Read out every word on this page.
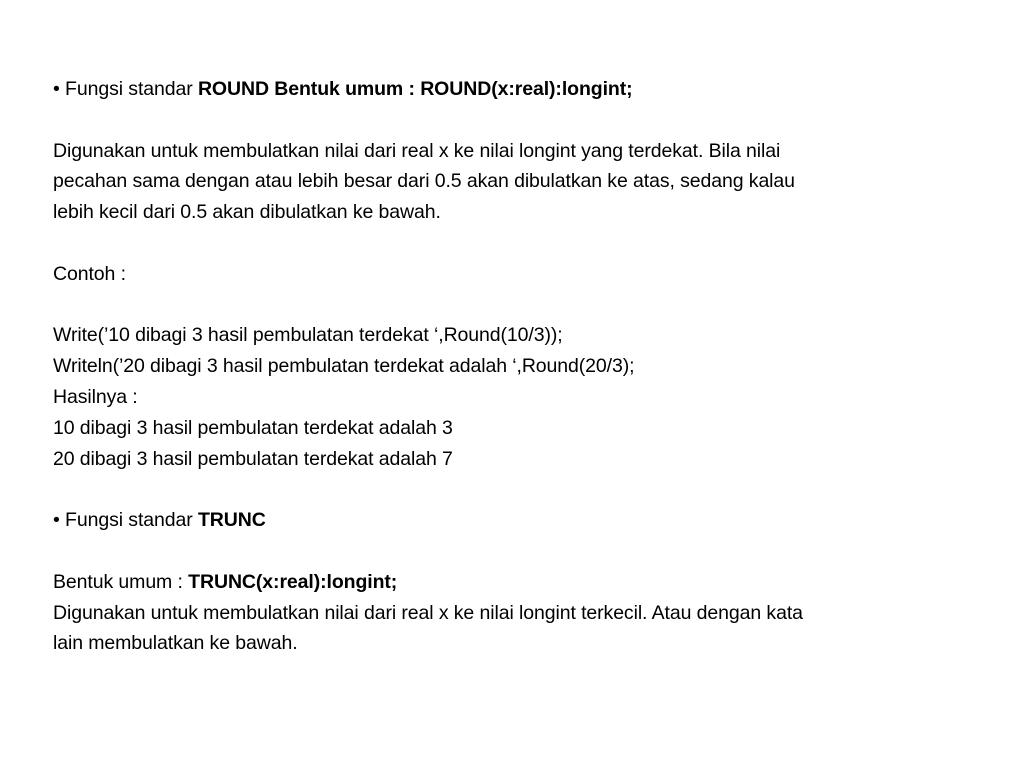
• Fungsi standar ROUND Bentuk umum : ROUND(x:real):longint;
Digunakan untuk membulatkan nilai dari real x ke nilai longint yang terdekat. Bila nilai
pecahan sama dengan atau lebih besar dari 0.5 akan dibulatkan ke atas, sedang kalau
lebih kecil dari 0.5 akan dibulatkan ke bawah.
Contoh :
Write(’10 dibagi 3 hasil pembulatan terdekat ‘,Round(10/3));
Writeln(’20 dibagi 3 hasil pembulatan terdekat adalah ‘,Round(20/3);
Hasilnya :
10 dibagi 3 hasil pembulatan terdekat adalah 3
20 dibagi 3 hasil pembulatan terdekat adalah 7
• Fungsi standar TRUNC
Bentuk umum : TRUNC(x:real):longint;
Digunakan untuk membulatkan nilai dari real x ke nilai longint terkecil. Atau dengan kata
lain membulatkan ke bawah.
